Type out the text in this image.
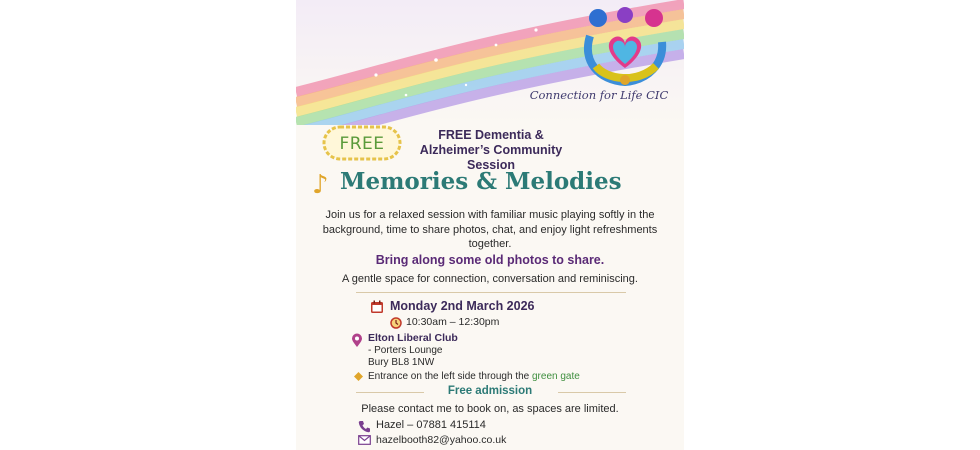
Connection for Life CIC
FREE	FREE Dementia & Alzheimer’s Community Session
♪ Memories & Melodies
Join us for a relaxed session with familiar music playing softly in the background, time to share photos, chat, and enjoy light refreshments together.
Bring along some old photos to share.
A gentle space for connection, conversation and reminiscing.
Monday 2nd March 2026
10:30am – 12:30pm
Elton Liberal Club
- Porters Lounge
Bury BL8 1NW
Entrance on the left side through the green gate
Free admission
Please contact me to book on, as spaces are limited.
Hazel – 07881 415114
hazelbooth82@yahoo.co.uk
